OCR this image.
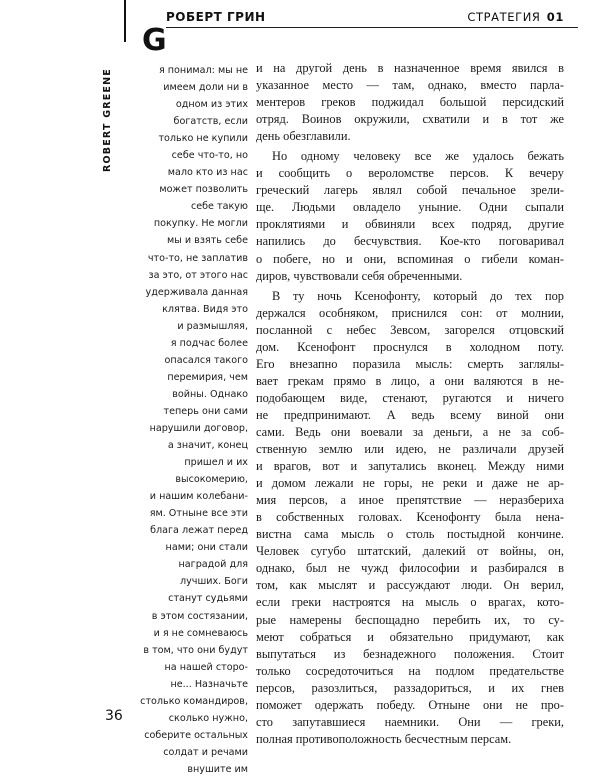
РОБЕРТ ГРИН	СТРАТЕГИЯ 01
G
ROBERT GREENE	я понимал: мы не
имеем доли ни в
одном из этих
богатств, если
только не купили
себе что-то, но
мало кто из нас
может позволить
себе такую
покупку. Не могли
мы и взять себе
что-то, не заплатив
за это, от этого нас
удерживала данная
клятва. Видя это
и размышляя,
я подчас более
опасался такого
перемирия, чем
войны. Однако
теперь они сами
нарушили договор,
а значит, конец
пришел и их
высокомерию,
и нашим колебани-
ям. Отныне все эти
блага лежат перед
нами; они стали
наградой для
лучших. Боги
станут судьями
в этом состязании,
и я не сомневаюсь
в том, что они будут
на нашей сторо-
не... Назначьте
столько командиров,
сколько нужно,
соберите остальных
солдат и речами
внушите им
и на другой день в назначенное время явился в
указанное место — там, однако, вместо парла-
ментеров греков поджидал большой персидский
отряд. Воинов окружили, схватили и в тот же
день обезглавили.
Но одному человеку все же удалось бежать
и сообщить о вероломстве персов. К вечеру
греческий лагерь являл собой печальное зрели-
ще. Людьми овладело уныние. Одни сыпали
проклятиями и обвиняли всех подряд, другие
напились до бесчувствия. Кое-кто поговаривал
о побеге, но и они, вспоминая о гибели коман-
диров, чувствовали себя обреченными.
В ту ночь Ксенофонту, который до тех пор
держался особняком, приснился сон: от молнии,
посланной с небес Зевсом, загорелся отцовский
дом. Ксенофонт проснулся в холодном поту.
Его внезапно поразила мысль: смерть заглялы-
вает грекам прямо в лицо, а они валяются в не-
подобающем виде, стенают, ругаются и ничего
не предпринимают. А ведь всему виной они
сами. Ведь они воевали за деньги, а не за соб-
ственную землю или идею, не различали друзей
и врагов, вот и запутались вконец. Между ними
и домом лежали не горы, не реки и даже не ар-
мия персов, а иное препятствие — неразбериха
в собственных головах. Ксенофонту была нена-
вистна сама мысль о столь постыдной кончине.
Человек сугубо штатский, далекий от войны, он,
однако, был не чужд философии и разбирался в
том, как мыслят и рассуждают люди. Он верил,
если греки настроятся на мысль о врагах, кото-
рые намерены беспощадно перебить их, то су-
меют собраться и обязательно придумают, как
выпутаться из безнадежного положения. Стоит
только сосредоточиться на подлом предательстве
персов, разозлиться, раззадориться, и их гнев
поможет одержать победу. Отныне они не про-
сто запутавшиеся наемники. Они — греки,
полная противоположность бесчестным персам.
36
